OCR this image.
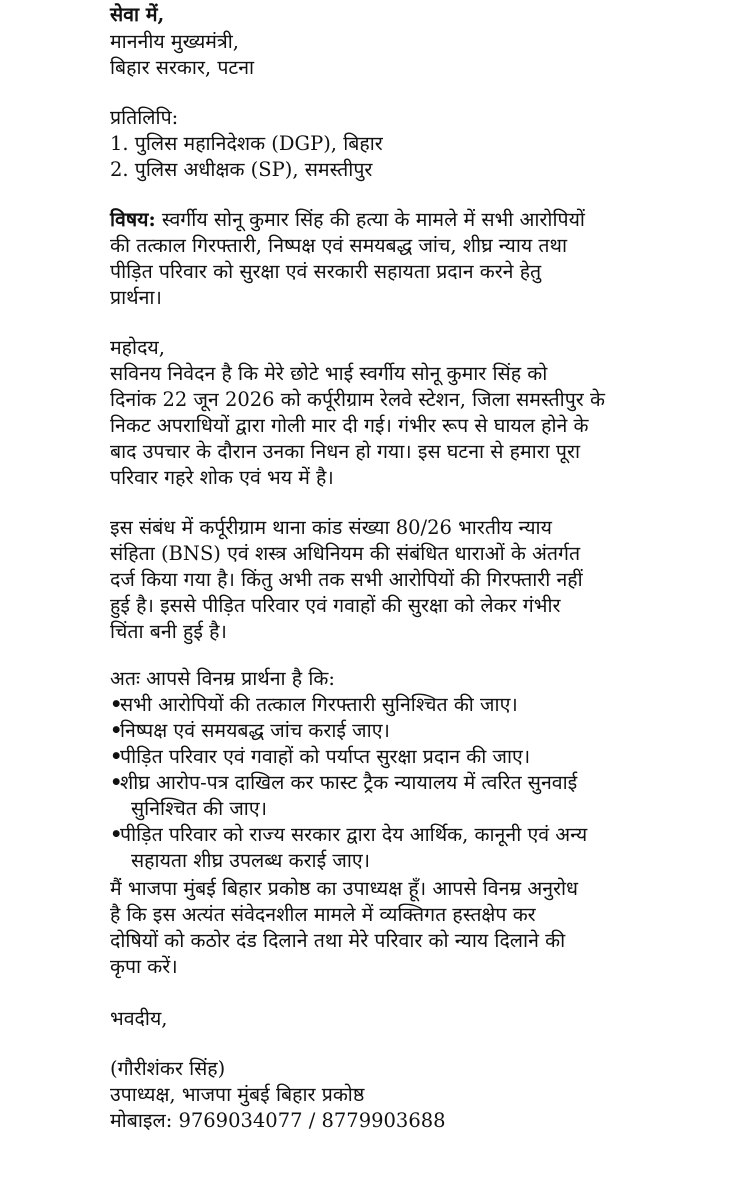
सेवा में,
माननीय मुख्यमंत्री,
बिहार सरकार, पटना
प्रतिलिपि:
1. पुलिस महानिदेशक (DGP), बिहार
2. पुलिस अधीक्षक (SP), समस्तीपुर
विषय: स्वर्गीय सोनू कुमार सिंह की हत्या के मामले में सभी आरोपियों
की तत्काल गिरफ्तारी, निष्पक्ष एवं समयबद्ध जांच, शीघ्र न्याय तथा
पीड़ित परिवार को सुरक्षा एवं सरकारी सहायता प्रदान करने हेतु
प्रार्थना।
महोदय,
सविनय निवेदन है कि मेरे छोटे भाई स्वर्गीय सोनू कुमार सिंह को
दिनांक 22 जून 2026 को कर्पूरीग्राम रेलवे स्टेशन, जिला समस्तीपुर के
निकट अपराधियों द्वारा गोली मार दी गई। गंभीर रूप से घायल होने के
बाद उपचार के दौरान उनका निधन हो गया। इस घटना से हमारा पूरा
परिवार गहरे शोक एवं भय में है।
इस संबंध में कर्पूरीग्राम थाना कांड संख्या 80/26 भारतीय न्याय
संहिता (BNS) एवं शस्त्र अधिनियम की संबंधित धाराओं के अंतर्गत
दर्ज किया गया है। किंतु अभी तक सभी आरोपियों की गिरफ्तारी नहीं
हुई है। इससे पीड़ित परिवार एवं गवाहों की सुरक्षा को लेकर गंभीर
चिंता बनी हुई है।
अतः आपसे विनम्र प्रार्थना है कि:
•सभी आरोपियों की तत्काल गिरफ्तारी सुनिश्चित की जाए।
•निष्पक्ष एवं समयबद्ध जांच कराई जाए।
•पीड़ित परिवार एवं गवाहों को पर्याप्त सुरक्षा प्रदान की जाए।
•शीघ्र आरोप-पत्र दाखिल कर फास्ट ट्रैक न्यायालय में त्वरित सुनवाई
सुनिश्चित की जाए।
•पीड़ित परिवार को राज्य सरकार द्वारा देय आर्थिक, कानूनी एवं अन्य
सहायता शीघ्र उपलब्ध कराई जाए।
मैं भाजपा मुंबई बिहार प्रकोष्ठ का उपाध्यक्ष हूँ। आपसे विनम्र अनुरोध
है कि इस अत्यंत संवेदनशील मामले में व्यक्तिगत हस्तक्षेप कर
दोषियों को कठोर दंड दिलाने तथा मेरे परिवार को न्याय दिलाने की
कृपा करें।
भवदीय,
(गौरीशंकर सिंह)
उपाध्यक्ष, भाजपा मुंबई बिहार प्रकोष्ठ
मोबाइल: 9769034077 / 8779903688
